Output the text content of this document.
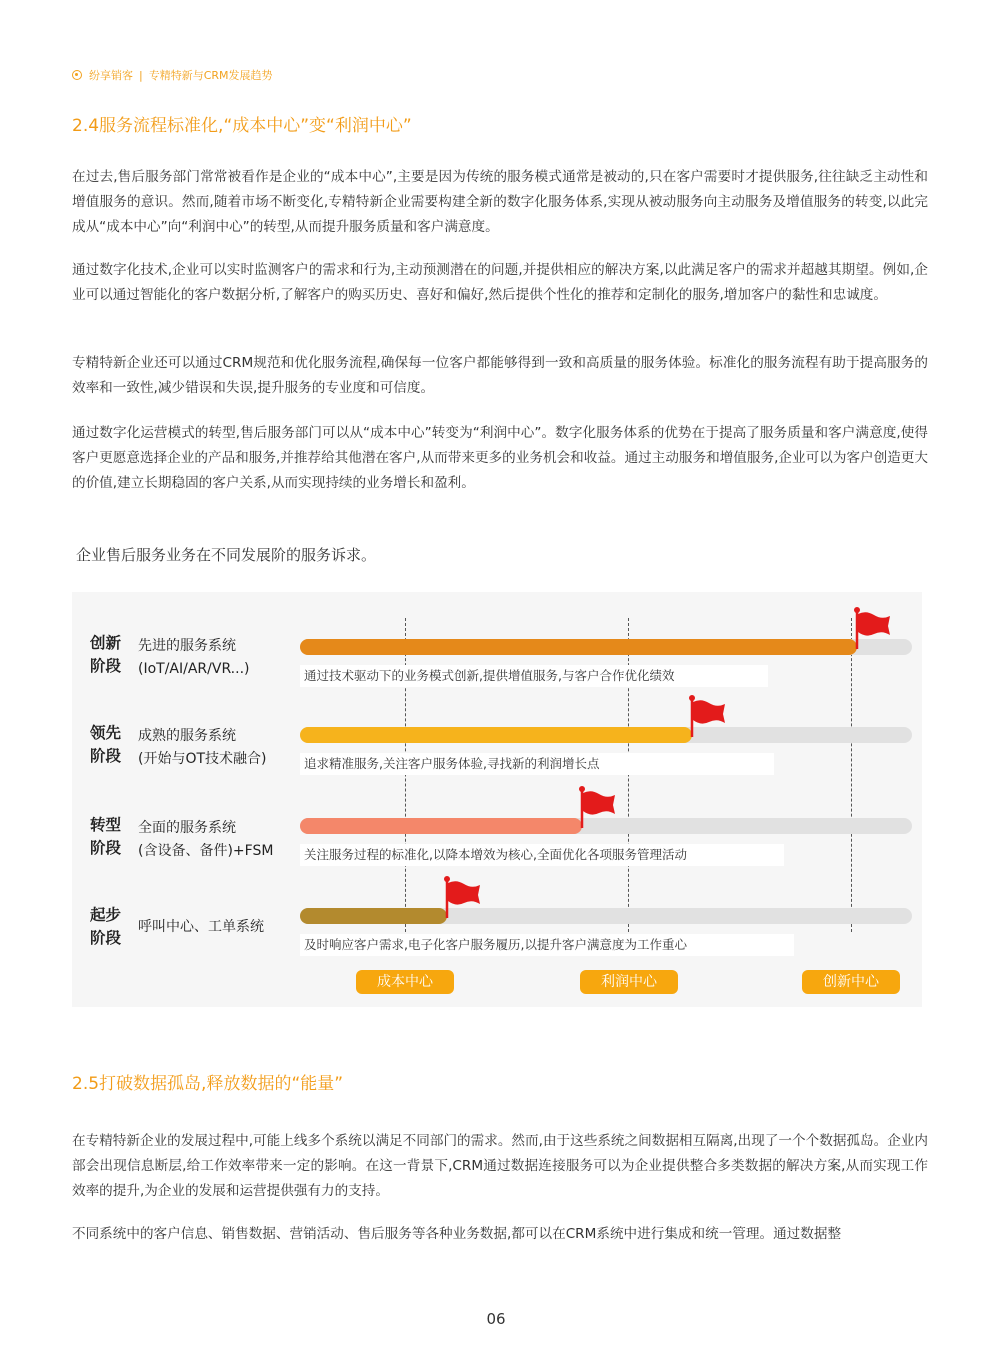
纷享销客 | 专精特新与CRM发展趋势
2.4服务流程标准化,“成本中心”变“利润中心”

在过去,售后服务部门常常被看作是企业的“成本中心”,主要是因为传统的服务模式通常是被动的,只在客户需要时才提供服务,往往缺乏主动性和增值服务的意识。然而,随着市场不断变化,专精特新企业需要构建全新的数字化服务体系,实现从被动服务向主动服务及增值服务的转变,以此完成从“成本中心”向“利润中心”的转型,从而提升服务质量和客户满意度。

通过数字化技术,企业可以实时监测客户的需求和行为,主动预测潜在的问题,并提供相应的解决方案,以此满足客户的需求并超越其期望。例如,企业可以通过智能化的客户数据分析,了解客户的购买历史、喜好和偏好,然后提供个性化的推荐和定制化的服务,增加客户的黏性和忠诚度。

专精特新企业还可以通过CRM规范和优化服务流程,确保每一位客户都能够得到一致和高质量的服务体验。标准化的服务流程有助于提高服务的效率和一致性,减少错误和失误,提升服务的专业度和可信度。

通过数字化运营模式的转型,售后服务部门可以从“成本中心”转变为“利润中心”。数字化服务体系的优势在于提高了服务质量和客户满意度,使得客户更愿意选择企业的产品和服务,并推荐给其他潜在客户,从而带来更多的业务机会和收益。通过主动服务和增值服务,企业可以为客户创造更大的价值,建立长期稳固的客户关系,从而实现持续的业务增长和盈利。

企业售后服务业务在不同发展阶的服务诉求。

创新
阶段
先进的服务系统
(IoT/AI/AR/VR...)	通过技术驱动下的业务模式创新,提供增值服务,与客户合作优化绩效
领先
阶段
成熟的服务系统
(开始与OT技术融合)	追求精准服务,关注客户服务体验,寻找新的利润增长点
转型
阶段
全面的服务系统
(含设备、备件)+FSM	关注服务过程的标准化,以降本增效为核心,全面优化各项服务管理活动
起步
阶段
呼叫中心、工单系统
及时响应客户需求,电子化客户服务履历,以提升客户满意度为工作重心
成本中心	利润中心	创新中心
2.5打破数据孤岛,释放数据的“能量”

在专精特新企业的发展过程中,可能上线多个系统以满足不同部门的需求。然而,由于这些系统之间数据相互隔离,出现了一个个数据孤岛。企业内部会出现信息断层,给工作效率带来一定的影响。在这一背景下,CRM通过数据连接服务可以为企业提供整合多类数据的解决方案,从而实现工作效率的提升,为企业的发展和运营提供强有力的支持。

不同系统中的客户信息、销售数据、营销活动、售后服务等各种业务数据,都可以在CRM系统中进行集成和统一管理。通过数据整

06
